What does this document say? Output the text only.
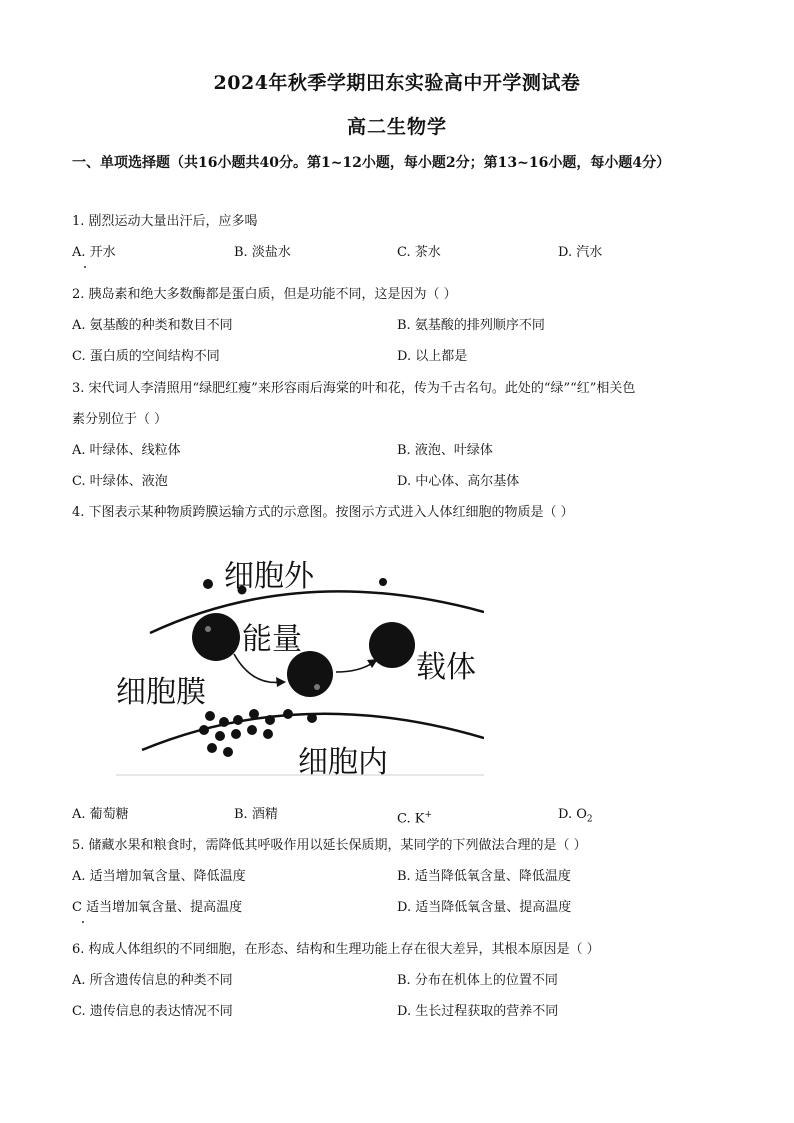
2024年秋季学期田东实验高中开学测试卷
高二生物学
一、单项选择题（共16小题共40分。第1~12小题，每小题2分；第13~16小题，每小题4分）
1. 剧烈运动大量出汗后，应多喝
A. 开水	B. 淡盐水	C. 茶水	D. 汽水
2. 胰岛素和绝大多数酶都是蛋白质，但是功能不同，这是因为（ ）
A. 氨基酸的种类和数目不同	B. 氨基酸的排列顺序不同
C. 蛋白质的空间结构不同	D. 以上都是
3. 宋代词人李清照用“绿肥红瘦”来形容雨后海棠的叶和花，传为千古名句。此处的“绿”“红”相关色
素分别位于（ ）
A. 叶绿体、线粒体	B. 液泡、叶绿体
C. 叶绿体、液泡	D. 中心体、高尔基体
4. 下图表示某种物质跨膜运输方式的示意图。按图示方式进入人体红细胞的物质是（ ）
细胞外
能量
载体
细胞膜
细胞内
A. 葡萄糖	B. 酒精	C. K+	D. $O_2$
5. 储藏水果和粮食时，需降低其呼吸作用以延长保质期，某同学的下列做法合理的是（ ）
A. 适当增加氧含量、降低温度	B. 适当降低氧含量、降低温度
C 适当增加氧含量、提高温度	D. 适当降低氧含量、提高温度
6. 构成人体组织的不同细胞，在形态、结构和生理功能上存在很大差异，其根本原因是（ ）
A. 所含遗传信息的种类不同	B. 分布在机体上的位置不同
C. 遗传信息的表达情况不同	D. 生长过程获取的营养不同
